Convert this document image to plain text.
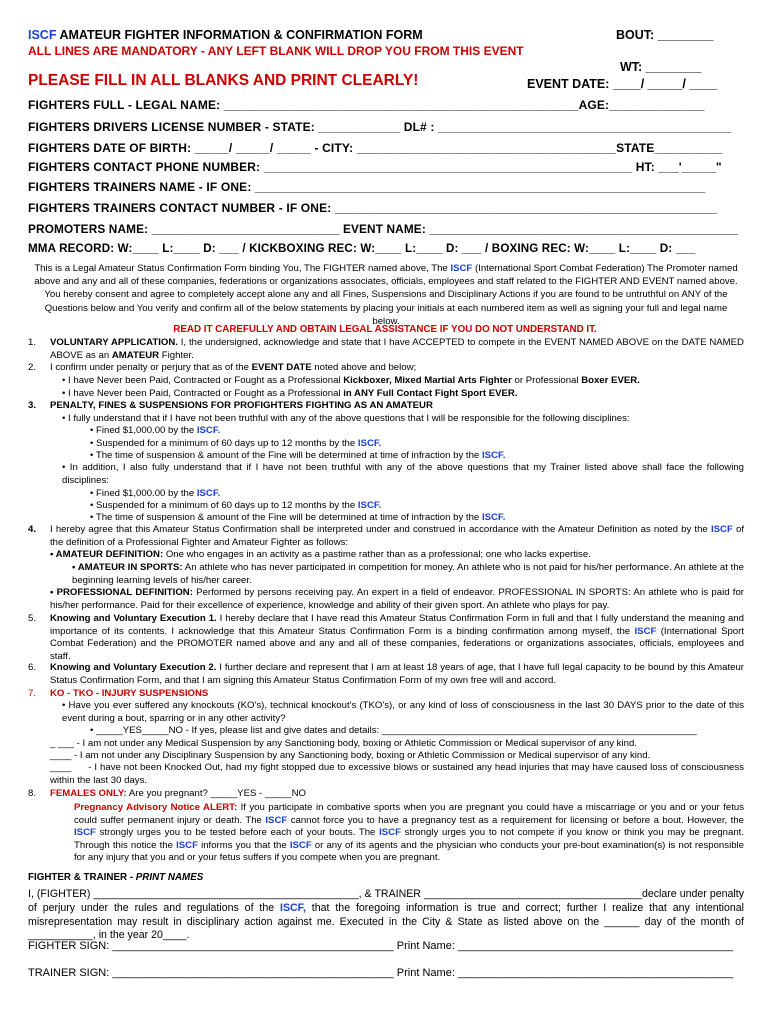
ISCF AMATEUR FIGHTER INFORMATION & CONFIRMATION FORM
ALL LINES ARE MANDATORY - ANY LEFT BLANK WILL DROP YOU FROM THIS EVENT
PLEASE FILL IN ALL BLANKS AND PRINT CLEARLY!
BOUT: ________
WT: ________
EVENT DATE: ____/ _____/ ____
FIGHTERS FULL - LEGAL NAME: ____________________________________________________AGE:______________
FIGHTERS DRIVERS LICENSE NUMBER - STATE: ____________ DL# : ___________________________________________
FIGHTERS DATE OF BIRTH: _____/ _____/ _____ - CITY: ______________________________________STATE__________
FIGHTERS CONTACT PHONE NUMBER: ______________________________________________________ HT: ___'_____"
FIGHTERS TRAINERS NAME - IF ONE: __________________________________________________________________
FIGHTERS TRAINERS CONTACT NUMBER - IF ONE: ________________________________________________________
PROMOTERS NAME: ____________________________ EVENT NAME: ______________________________________________
MMA RECORD: W:____ L:____ D: ___ / KICKBOXING REC: W:____ L:____ D: ___ / BOXING REC: W:____ L:____ D: ___
This is a Legal Amateur Status Confirmation Form binding You, The FIGHTER named above, The ISCF (International Sport Combat Federation) The Promoter named above and any and all of these companies, federations or organizations associates, officials, employees and staff related to the FIGHTER AND EVENT named above. You hereby consent and agree to completely accept alone any and all Fines, Suspensions and Disciplinary Actions if you are found to be untruthful on ANY of the Questions below and You verify and confirm all of the below statements by placing your initials at each numbered item as well as signing your full and legal name below.
READ IT CAREFULLY AND OBTAIN LEGAL ASSISTANCE IF YOU DO NOT UNDERSTAND IT.
1. VOLUNTARY APPLICATION. I, the undersigned, acknowledge and state that I have ACCEPTED to compete in the EVENT NAMED ABOVE on the DATE NAMED ABOVE as an AMATEUR Fighter.
2. I confirm under penalty or perjury that as of the EVENT DATE noted above and below;
• I have Never been Paid, Contracted or Fought as a Professional Kickboxer, Mixed Martial Arts Fighter or Professional Boxer EVER.
• I have Never been Paid, Contracted or Fought as a Professional in ANY Full Contact Fight Sport EVER.
3. PENALTY, FINES & SUSPENSIONS FOR PROFIGHTERS FIGHTING AS AN AMATEUR
• I fully understand that if I have not been truthful with any of the above questions that I will be responsible for the following disciplines:
• Fined $1,000.00 by the ISCF.
• Suspended for a minimum of 60 days up to 12 months by the ISCF.
• The time of suspension & amount of the Fine will be determined at time of infraction by the ISCF.
• In addition, I also fully understand that if I have not been truthful with any of the above questions that my Trainer listed above shall face the following disciplines:
• Fined $1,000.00 by the ISCF.
• Suspended for a minimum of 60 days up to 12 months by the ISCF.
• The time of suspension & amount of the Fine will be determined at time of infraction by the ISCF.
4. I hereby agree that this Amateur Status Confirmation shall be interpreted under and construed in accordance with the Amateur Definition as noted by the ISCF of the definition of a Professional Fighter and Amateur Fighter as follows:
• AMATEUR DEFINITION: One who engages in an activity as a pastime rather than as a professional; one who lacks expertise.
• AMATEUR IN SPORTS: An athlete who has never participated in competition for money. An athlete who is not paid for his/her performance. An athlete at the beginning learning levels of his/her career.
• PROFESSIONAL DEFINITION: Performed by persons receiving pay. An expert in a field of endeavor. PROFESSIONAL IN SPORTS: An athlete who is paid for his/her performance. Paid for their excellence of experience, knowledge and ability of their given sport. An athlete who plays for pay.
5. Knowing and Voluntary Execution 1. I hereby declare that I have read this Amateur Status Confirmation Form in full and that I fully understand the meaning and importance of its contents. I acknowledge that this Amateur Status Confirmation Form is a binding confirmation among myself, the ISCF (International Sport Combat Federation) and the PROMOTER named above and any and all of these companies, federations or organizations associates, officials, employees and staff.
6. Knowing and Voluntary Execution 2. I further declare and represent that I am at least 18 years of age, that I have full legal capacity to be bound by this Amateur Status Confirmation Form, and that I am signing this Amateur Status Confirmation Form of my own free will and accord.
7. KO - TKO - INJURY SUSPENSIONS
• Have you ever suffered any knockouts (KO's), technical knockout's (TKO's), or any kind of loss of consciousness in the last 30 DAYS prior to the date of this event during a bout, sparring or in any other activity?
• _____YES_____NO - If yes, please list and give dates and details: ___________________________________________________________
_ ___ - I am not under any Medical Suspension by any Sanctioning body, boxing or Athletic Commission or Medical supervisor of any kind.
____ - I am not under any Disciplinary Suspension by any Sanctioning body, boxing or Athletic Commission or Medical supervisor of any kind.
____ - I have not been Knocked Out, had my fight stopped due to excessive blows or sustained any head injuries that may have caused loss of consciousness within the last 30 days.
8. FEMALES ONLY: Are you pregnant? _____YES - _____NO
Pregnancy Advisory Notice ALERT: If you participate in combative sports when you are pregnant you could have a miscarriage or you and or your fetus could suffer permanent injury or death. The ISCF cannot force you to have a pregnancy test as a requirement for licensing or before a bout. However, the ISCF strongly urges you to be tested before each of your bouts. The ISCF strongly urges you to not compete if you know or think you may be pregnant. Through this notice the ISCF informs you that the ISCF or any of its agents and the physician who conducts your pre-bout examination(s) is not responsible for any injury that you and or your fetus suffers if you compete when you are pregnant.
FIGHTER & TRAINER - PRINT NAMES
I, (FIGHTER) _____________________________________________, & TRAINER _____________________________________declare under penalty of perjury under the rules and regulations of the ISCF, that the foregoing information is true and correct; further I realize that any intentional misrepresentation may result in disciplinary action against me. Executed in the City & State as listed above on the ______ day of the month of ___________, in the year 20____.
FIGHTER SIGN: ______________________________________________ Print Name: _____________________________________________
TRAINER SIGN: ______________________________________________ Print Name: _____________________________________________
